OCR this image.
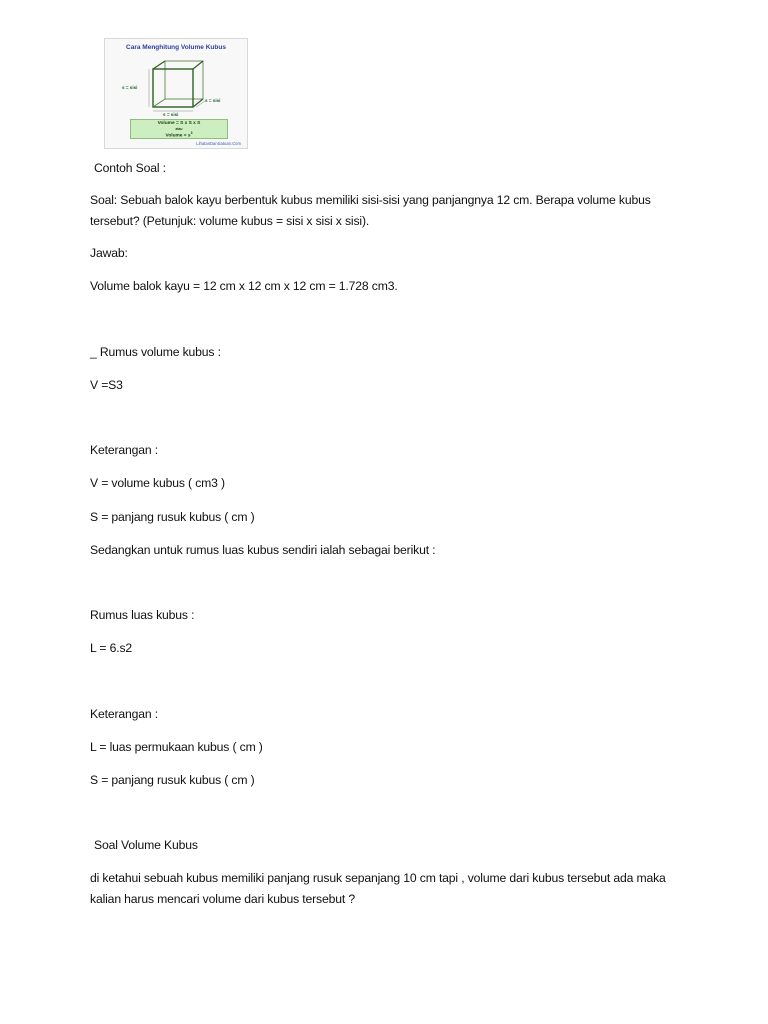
Cara Menghitung Volume Kubus
s = sisi
s = sisi
s = sisi
Volume = S x S x S
atau
Volume = $s^3$
LihatanDanSatuan.Com
Contoh Soal :
Soal: Sebuah balok kayu berbentuk kubus memiliki sisi-sisi yang panjangnya 12 cm. Berapa volume kubus tersebut? (Petunjuk: volume kubus = sisi x sisi x sisi).
Jawab:
Volume balok kayu = 12 cm x 12 cm x 12 cm = 1.728 cm3.
_ Rumus volume kubus :
V =S3
Keterangan :
V = volume kubus ( cm3 )
S = panjang rusuk kubus ( cm )
Sedangkan untuk rumus luas kubus sendiri ialah sebagai berikut :
Rumus luas kubus :
L = 6.s2
Keterangan :
L = luas permukaan kubus ( cm )
S = panjang rusuk kubus ( cm )
Soal Volume Kubus
di ketahui sebuah kubus memiliki panjang rusuk sepanjang 10 cm tapi , volume dari kubus tersebut ada maka kalian harus mencari volume dari kubus tersebut ?
